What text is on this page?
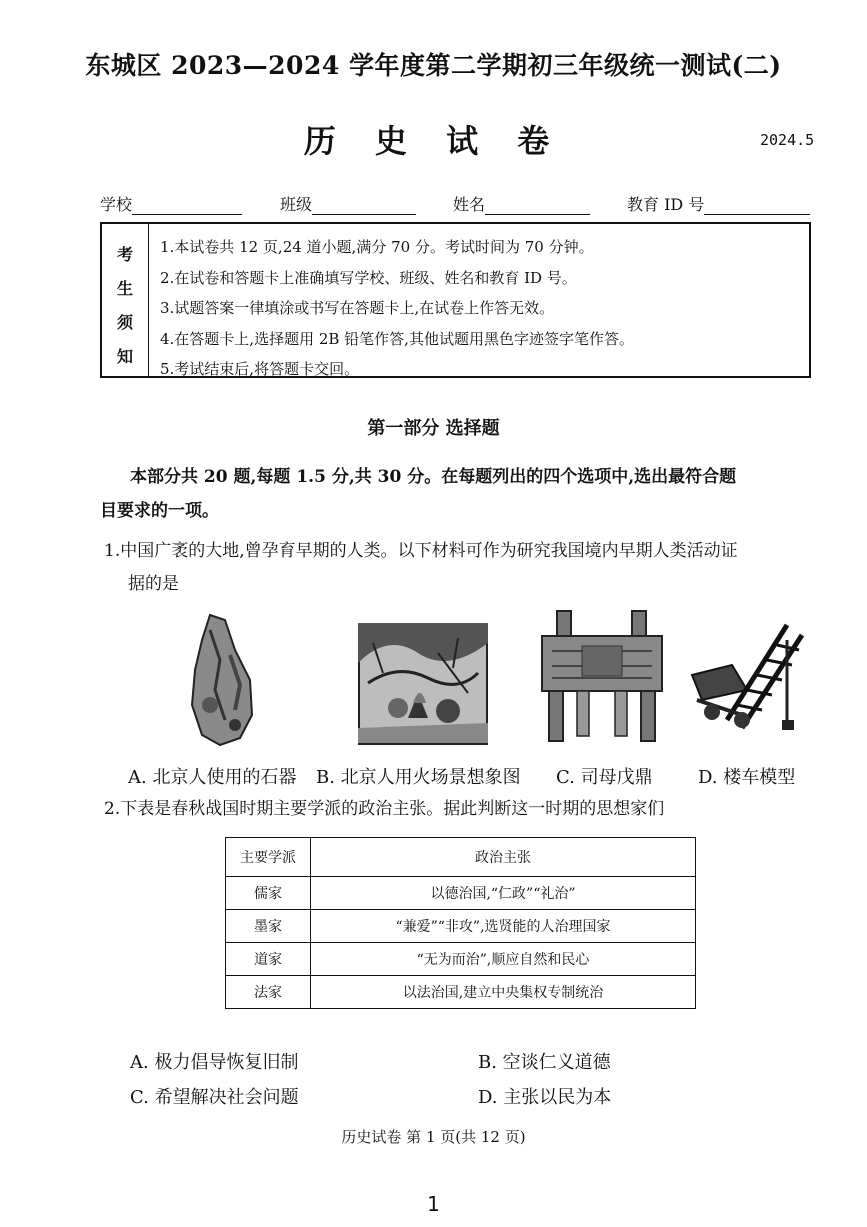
东城区 2023—2024 学年度第二学期初三年级统一测试(二)
历 史 试 卷	2024.5
学校	班级	姓名	教育 ID 号
考
生
须
知
1.本试卷共 12 页,24 道小题,满分 70 分。考试时间为 70 分钟。
2.在试卷和答题卡上准确填写学校、班级、姓名和教育 ID 号。
3.试题答案一律填涂或书写在答题卡上,在试卷上作答无效。
4.在答题卡上,选择题用 2B 铅笔作答,其他试题用黑色字迹签字笔作答。
5.考试结束后,将答题卡交回。
第一部分 选择题
本部分共 20 题,每题 1.5 分,共 30 分。在每题列出的四个选项中,选出最符合题
目要求的一项。
1.中国广袤的大地,曾孕育早期的人类。以下材料可作为研究我国境内早期人类活动证
据的是
A. 北京人使用的石器 B. 北京人用火场景想象图 C. 司母戊鼎	D. 楼车模型
2.下表是春秋战国时期主要学派的政治主张。据此判断这一时期的思想家们
主要学派	政治主张
儒家	以德治国,“仁政”“礼治”
墨家	“兼爱”“非攻”,选贤能的人治理国家
道家	“无为而治”,顺应自然和民心
法家	以法治国,建立中央集权专制统治
A. 极力倡导恢复旧制	B. 空谈仁义道德
C. 希望解决社会问题	D. 主张以民为本
历史试卷 第 1 页(共 12 页)
1
